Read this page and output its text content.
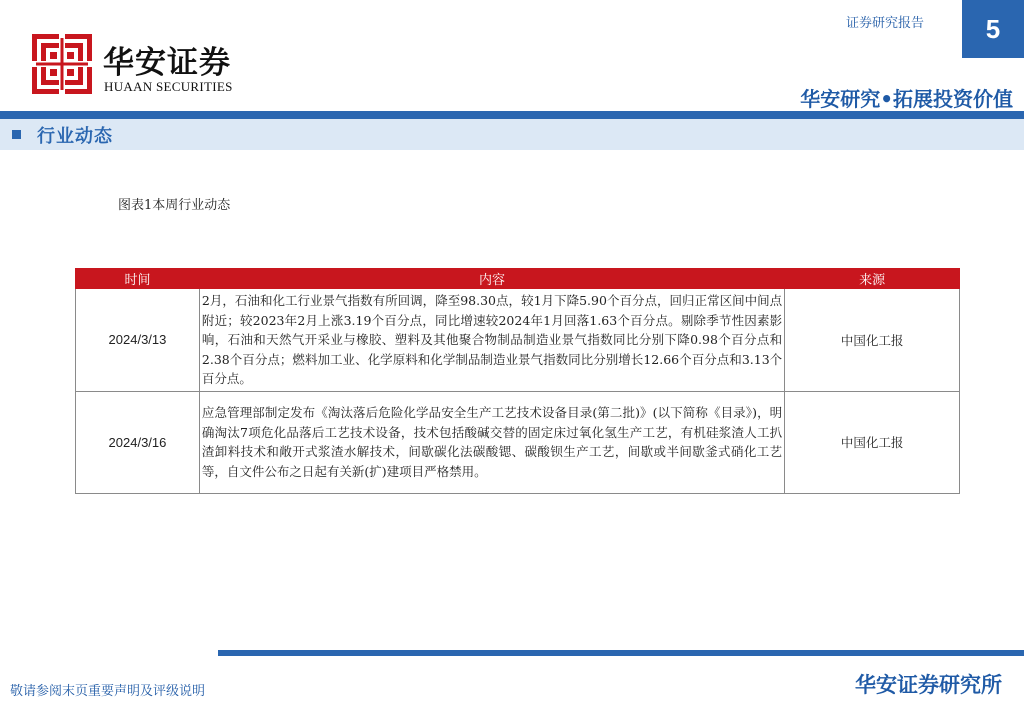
华安证券
HUAAN SECURITIES
证券研究报告	5
华安研究•拓展投资价值
行业动态
图表1本周行业动态
时间	内容	来源
2024/3/13	2月，石油和化工行业景气指数有所回调，降至98.30点，较1月下降5.90个百分点，回归正常区间中间点附近；较2023年2月上涨3.19个百分点，同比增速较2024年1月回落1.63个百分点。剔除季节性因素影响，石油和天然气开采业与橡胶、塑料及其他聚合物制品制造业景气指数同比分别下降0.98个百分点和2.38个百分点；燃料加工业、化学原料和化学制品制造业景气指数同比分别增长12.66个百分点和3.13个百分点。	中国化工报
2024/3/16	应急管理部制定发布《淘汰落后危险化学品安全生产工艺技术设备目录(第二批)》(以下简称《目录》)，明确淘汰7项危化品落后工艺技术设备，技术包括酸碱交替的固定床过氧化氢生产工艺，有机硅浆渣人工扒渣卸料技术和敞开式浆渣水解技术，间歇碳化法碳酸锶、碳酸钡生产工艺，间歇或半间歇釜式硝化工艺等，自文件公布之日起有关新(扩)建项目严格禁用。	中国化工报
敬请参阅末页重要声明及评级说明	华安证券研究所
